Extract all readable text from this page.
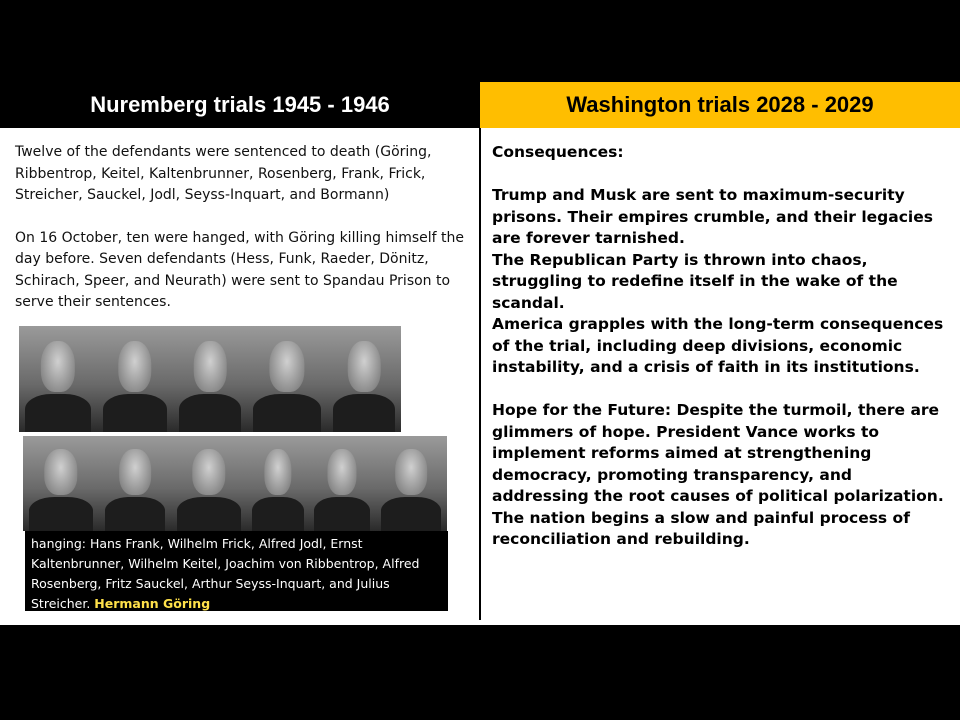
Nuremberg trials 1945 - 1946	Washington trials 2028 - 2029

Twelve of the defendants were sentenced to death (Göring, Ribbentrop, Keitel, Kaltenbrunner, Rosenberg, Frank, Frick, Streicher, Sauckel, Jodl, Seyss-Inquart, and Bormann)

On 16 October, ten were hanged, with Göring killing himself the day before. Seven defendants (Hess, Funk, Raeder, Dönitz, Schirach, Speer, and Neurath) were sent to Spandau Prison to serve their sentences.

hanging: Hans Frank, Wilhelm Frick, Alfred Jodl, Ernst Kaltenbrunner, Wilhelm Keitel, Joachim von Ribbentrop, Alfred Rosenberg, Fritz Sauckel, Arthur Seyss-Inquart, and Julius Streicher. Hermann Göring

Consequences:

Trump and Musk are sent to maximum-security prisons. Their empires crumble, and their legacies are forever tarnished.

The Republican Party is thrown into chaos, struggling to redefine itself in the wake of the scandal.

America grapples with the long-term consequences of the trial, including deep divisions, economic instability, and a crisis of faith in its institutions.

Hope for the Future: Despite the turmoil, there are glimmers of hope. President Vance works to implement reforms aimed at strengthening democracy, promoting transparency, and addressing the root causes of political polarization. The nation begins a slow and painful process of reconciliation and rebuilding.
